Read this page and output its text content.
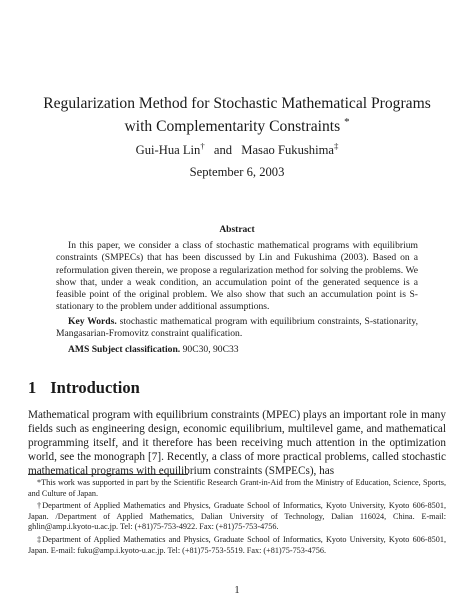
Regularization Method for Stochastic Mathematical Programs
with Complementarity Constraints *
Gui-Hua Lin† and Masao Fukushima‡
September 6, 2003
Abstract

In this paper, we consider a class of stochastic mathematical programs with equilibrium constraints (SMPECs) that has been discussed by Lin and Fukushima (2003). Based on a reformulation given therein, we propose a regularization method for solving the problems. We show that, under a weak condition, an accumulation point of the generated sequence is a feasible point of the original problem. We also show that such an accumulation point is S-stationary to the problem under additional assumptions.

Key Words. stochastic mathematical program with equilibrium constraints, S-stationarity, Mangasarian-Fromovitz constraint qualification.

AMS Subject classification. 90C30, 90C33

1 Introduction

Mathematical program with equilibrium constraints (MPEC) plays an important role in many fields such as engineering design, economic equilibrium, multilevel game, and mathematical programming itself, and it therefore has been receiving much attention in the optimization world, see the monograph [7]. Recently, a class of more practical problems, called stochastic mathematical programs with equilibrium constraints (SMPECs), has

*This work was supported in part by the Scientific Research Grant-in-Aid from the Ministry of Education, Science, Sports, and Culture of Japan.

†Department of Applied Mathematics and Physics, Graduate School of Informatics, Kyoto University, Kyoto 606-8501, Japan. /Department of Applied Mathematics, Dalian University of Technology, Dalian 116024, China. E-mail: ghlin@amp.i.kyoto-u.ac.jp. Tel: (+81)75-753-4922. Fax: (+81)75-753-4756.

‡Department of Applied Mathematics and Physics, Graduate School of Informatics, Kyoto University, Kyoto 606-8501, Japan. E-mail: fuku@amp.i.kyoto-u.ac.jp. Tel: (+81)75-753-5519. Fax: (+81)75-753-4756.

1
